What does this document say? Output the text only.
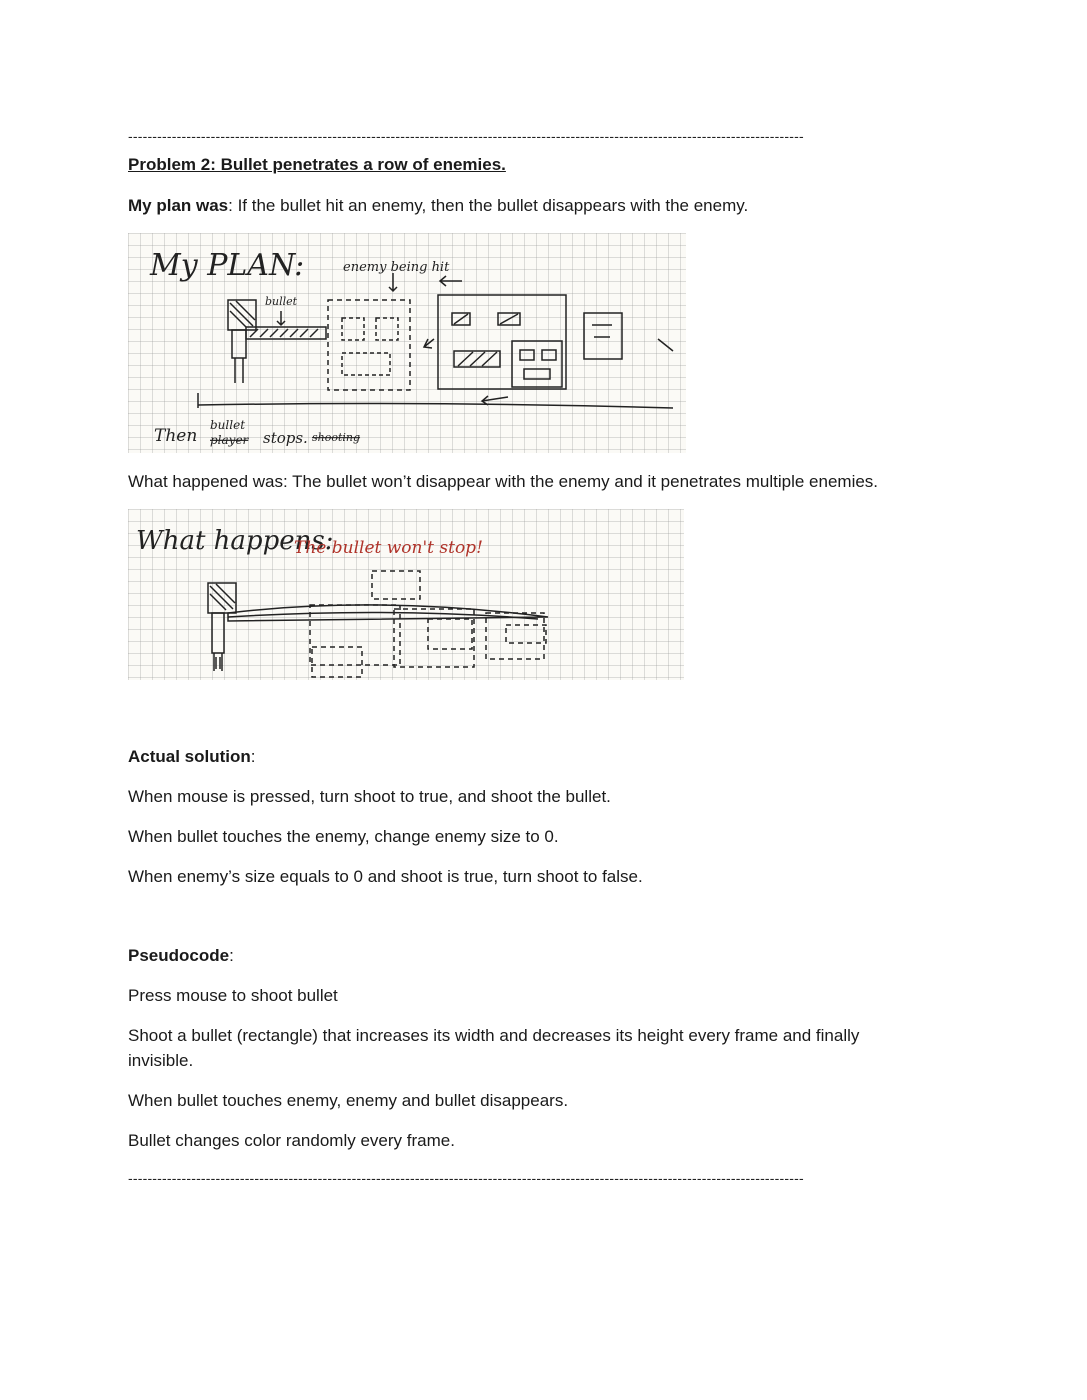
-------------------------------------------------------------------------------------------------------------------------------------------
Problem 2: Bullet penetrates a row of enemies.
My plan was: If the bullet hit an enemy, then the bullet disappears with the enemy.
My PLAN:	enemy being hit
bullet
Then
bullet
player stops. shooting
What happened was: The bullet won’t disappear with the enemy and it penetrates multiple enemies.
What happens:
The bullet won't stop!
Actual solution:
When mouse is pressed, turn shoot to true, and shoot the bullet.
When bullet touches the enemy, change enemy size to 0.
When enemy’s size equals to 0 and shoot is true, turn shoot to false.
Pseudocode:
Press mouse to shoot bullet
Shoot a bullet (rectangle) that increases its width and decreases its height every frame and finally
invisible.
When bullet touches enemy, enemy and bullet disappears.
Bullet changes color randomly every frame.
-------------------------------------------------------------------------------------------------------------------------------------------
